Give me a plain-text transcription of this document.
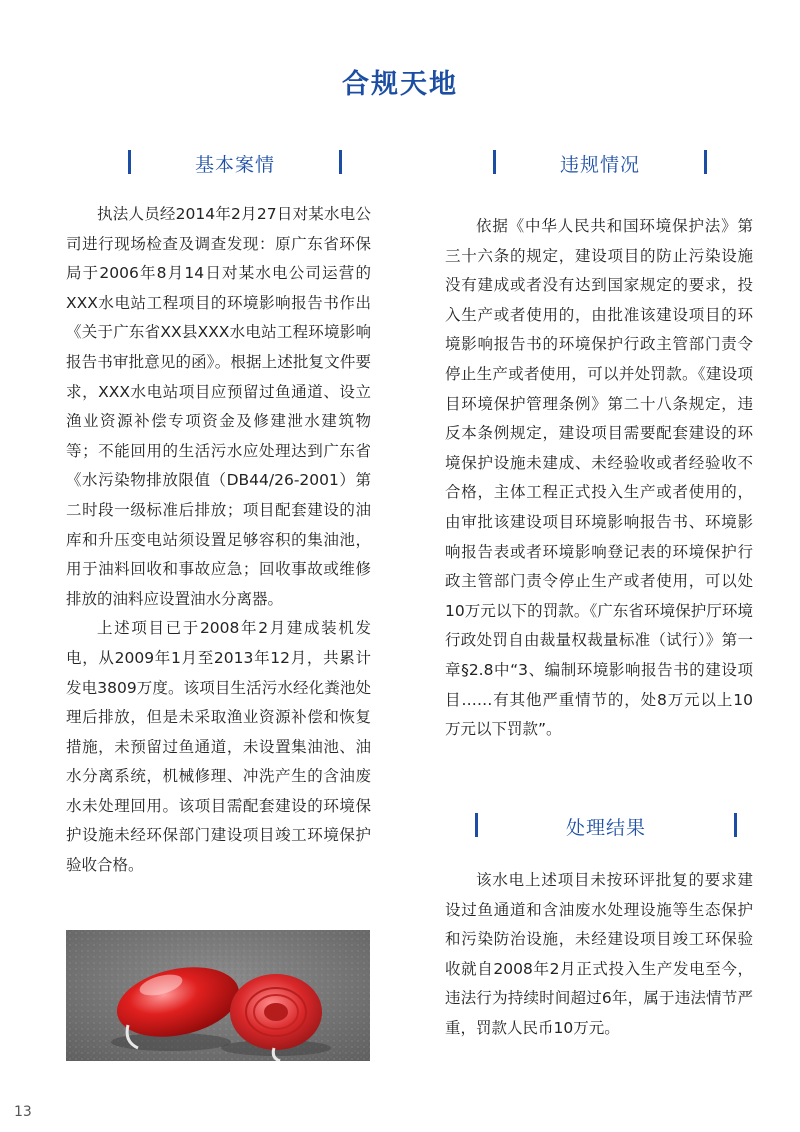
合规天地
基本案情

执法人员经2014年2月27日对某水电公司进行现场检查及调查发现：原广东省环保局于2006年8月14日对某水电公司运营的XXX水电站工程项目的环境影响报告书作出《关于广东省XX县XXX水电站工程环境影响报告书审批意见的函》。根据上述批复文件要求，XXX水电站项目应预留过鱼通道、设立渔业资源补偿专项资金及修建泄水建筑物等；不能回用的生活污水应处理达到广东省《水污染物排放限值（DB44/26-2001）第二时段一级标准后排放；项目配套建设的油库和升压变电站须设置足够容积的集油池，用于油料回收和事故应急；回收事故或维修排放的油料应设置油水分离器。

上述项目已于2008年2月建成装机发电，从2009年1月至2013年12月，共累计发电3809万度。该项目生活污水经化粪池处理后排放，但是未采取渔业资源补偿和恢复措施，未预留过鱼通道，未设置集油池、油水分离系统，机械修理、冲洗产生的含油废水未处理回用。该项目需配套建设的环境保护设施未经环保部门建设项目竣工环境保护验收合格。

违规情况

依据《中华人民共和国环境保护法》第三十六条的规定，建设项目的防止污染设施没有建成或者没有达到国家规定的要求，投入生产或者使用的，由批准该建设项目的环境影响报告书的环境保护行政主管部门责令停止生产或者使用，可以并处罚款。《建设项目环境保护管理条例》第二十八条规定，违反本条例规定，建设项目需要配套建设的环境保护设施未建成、未经验收或者经验收不合格，主体工程正式投入生产或者使用的，由审批该建设项目环境影响报告书、环境影响报告表或者环境影响登记表的环境保护行政主管部门责令停止生产或者使用，可以处10万元以下的罚款。《广东省环境保护厅环境行政处罚自由裁量权裁量标准（试行）》第一章§2.8中“3、编制环境影响报告书的建设项目……有其他严重情节的，处8万元以上10万元以下罚款”。

处理结果

该水电上述项目未按环评批复的要求建设过鱼通道和含油废水处理设施等生态保护和污染防治设施，未经建设项目竣工环保验收就自2008年2月正式投入生产发电至今，违法行为持续时间超过6年，属于违法情节严重，罚款人民币10万元。

13
